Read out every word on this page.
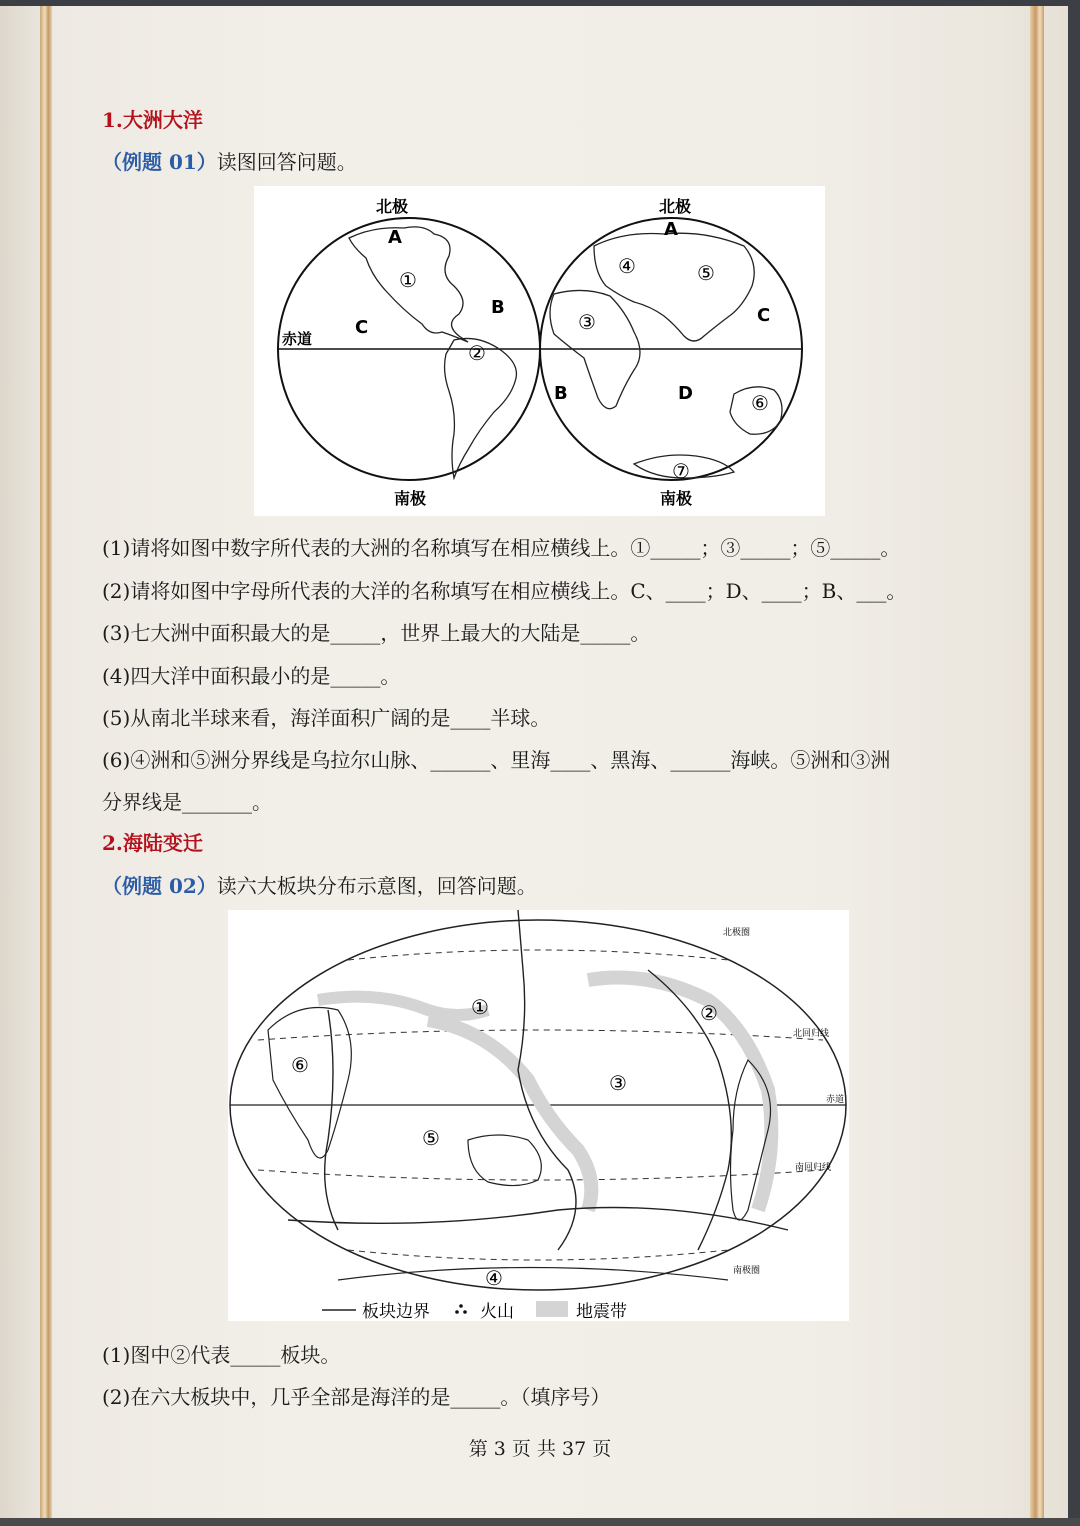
1.大洲大洋
（例题 01）读图回答问题。
北极	北极
南极	南极
赤道
A
B
C
①
②
A
C
B	D
④	⑤
③
⑥
⑦
(1)请将如图中数字所代表的大洲的名称填写在相应横线上。①_____；③_____；⑤_____。
(2)请将如图中字母所代表的大洋的名称填写在相应横线上。C、____；D、____；B、___。
(3)七大洲中面积最大的是_____，世界上最大的大陆是_____。
(4)四大洋中面积最小的是_____。
(5)从南北半球来看，海洋面积广阔的是____半球。
(6)④洲和⑤洲分界线是乌拉尔山脉、______、里海____、黑海、______海峡。⑤洲和③洲
分界线是_______。
2.海陆变迁
（例题 02）读六大板块分布示意图，回答问题。
①	②
③
④
⑤
⑥
赤道
北回归线
南回归线
南极圈
北极圈
板块边界	火山	地震带
(1)图中②代表_____板块。
(2)在六大板块中，几乎全部是海洋的是_____。（填序号）
第 3 页 共 37 页
